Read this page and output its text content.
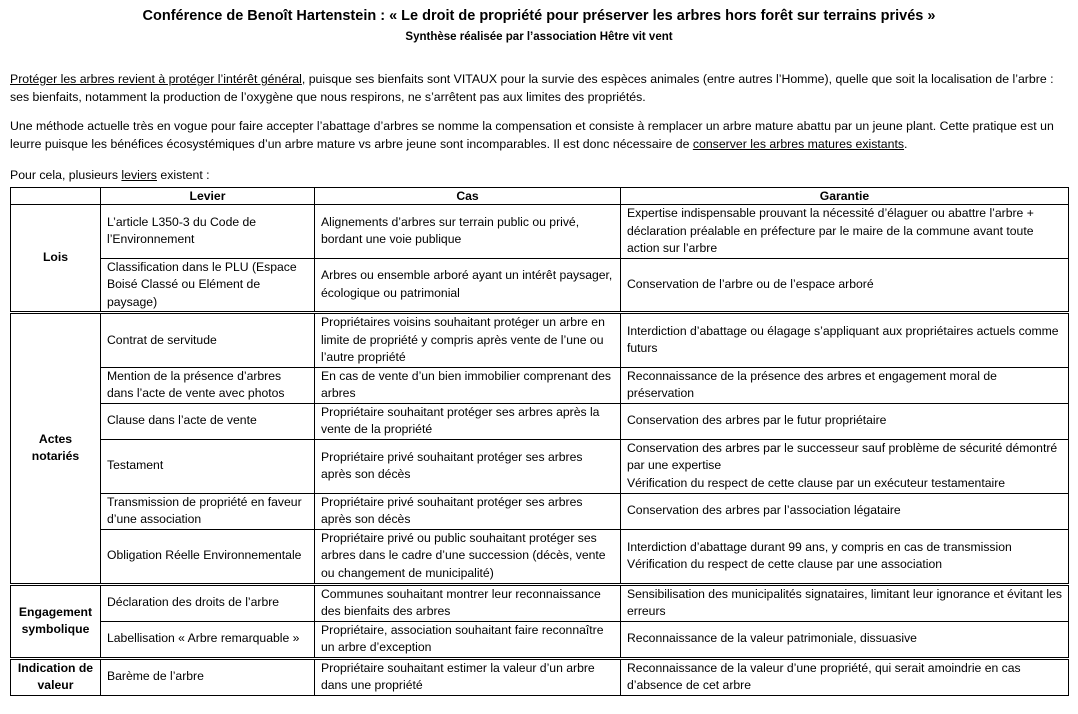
Conférence de Benoît Hartenstein : « Le droit de propriété pour préserver les arbres hors forêt sur terrains privés »
Synthèse réalisée par l’association Hêtre vit vent
Protéger les arbres revient à protéger l’intérêt général, puisque ses bienfaits sont VITAUX pour la survie des espèces animales (entre autres l’Homme), quelle que soit la localisation de l’arbre : ses bienfaits, notamment la production de l’oxygène que nous respirons, ne s’arrêtent pas aux limites des propriétés.
Une méthode actuelle très en vogue pour faire accepter l’abattage d’arbres se nomme la compensation et consiste à remplacer un arbre mature abattu par un jeune plant. Cette pratique est un leurre puisque les bénéfices écosystémiques d’un arbre mature vs arbre jeune sont incomparables. Il est donc nécessaire de conserver les arbres matures existants.
Pour cela, plusieurs leviers existent :
	Levier	Cas	Garantie
Lois	L’article L350-3 du Code de l’Environnement	Alignements d’arbres sur terrain public ou privé, bordant une voie publique	Expertise indispensable prouvant la nécessité d’élaguer ou abattre l’arbre + déclaration préalable en préfecture par le maire de la commune avant toute action sur l’arbre
	Classification dans le PLU (Espace Boisé Classé ou Elément de paysage)	Arbres ou ensemble arboré ayant un intérêt paysager, écologique ou patrimonial	Conservation de l’arbre ou de l’espace arboré
Actes notariés	Contrat de servitude	Propriétaires voisins souhaitant protéger un arbre en limite de propriété y compris après vente de l’une ou l’autre propriété	Interdiction d’abattage ou élagage s’appliquant aux propriétaires actuels comme futurs
	Mention de la présence d’arbres dans l’acte de vente avec photos	En cas de vente d’un bien immobilier comprenant des arbres	Reconnaissance de la présence des arbres et engagement moral de préservation
	Clause dans l’acte de vente	Propriétaire souhaitant protéger ses arbres après la vente de la propriété	Conservation des arbres par le futur propriétaire
	Testament	Propriétaire privé souhaitant protéger ses arbres après son décès	Conservation des arbres par le successeur sauf problème de sécurité démontré par une expertise
Vérification du respect de cette clause par un exécuteur testamentaire

	Transmission de propriété en faveur d’une association	Propriétaire privé souhaitant protéger ses arbres après son décès	Conservation des arbres par l’association légataire
	Obligation Réelle Environnementale	Propriétaire privé ou public souhaitant protéger ses arbres dans le cadre d’une succession (décès, vente ou changement de municipalité)	Interdiction d’abattage durant 99 ans, y compris en cas de transmission
Vérification du respect de cette clause par une association

Engagement symbolique	Déclaration des droits de l’arbre	Communes souhaitant montrer leur reconnaissance des bienfaits des arbres	Sensibilisation des municipalités signataires, limitant leur ignorance et évitant les erreurs
	Labellisation « Arbre remarquable »	Propriétaire, association souhaitant faire reconnaître un arbre d’exception	Reconnaissance de la valeur patrimoniale, dissuasive
Indication de valeur	Barème de l’arbre	Propriétaire souhaitant estimer la valeur d’un arbre dans une propriété	Reconnaissance de la valeur d’une propriété, qui serait amoindrie en cas d’absence de cet arbre
